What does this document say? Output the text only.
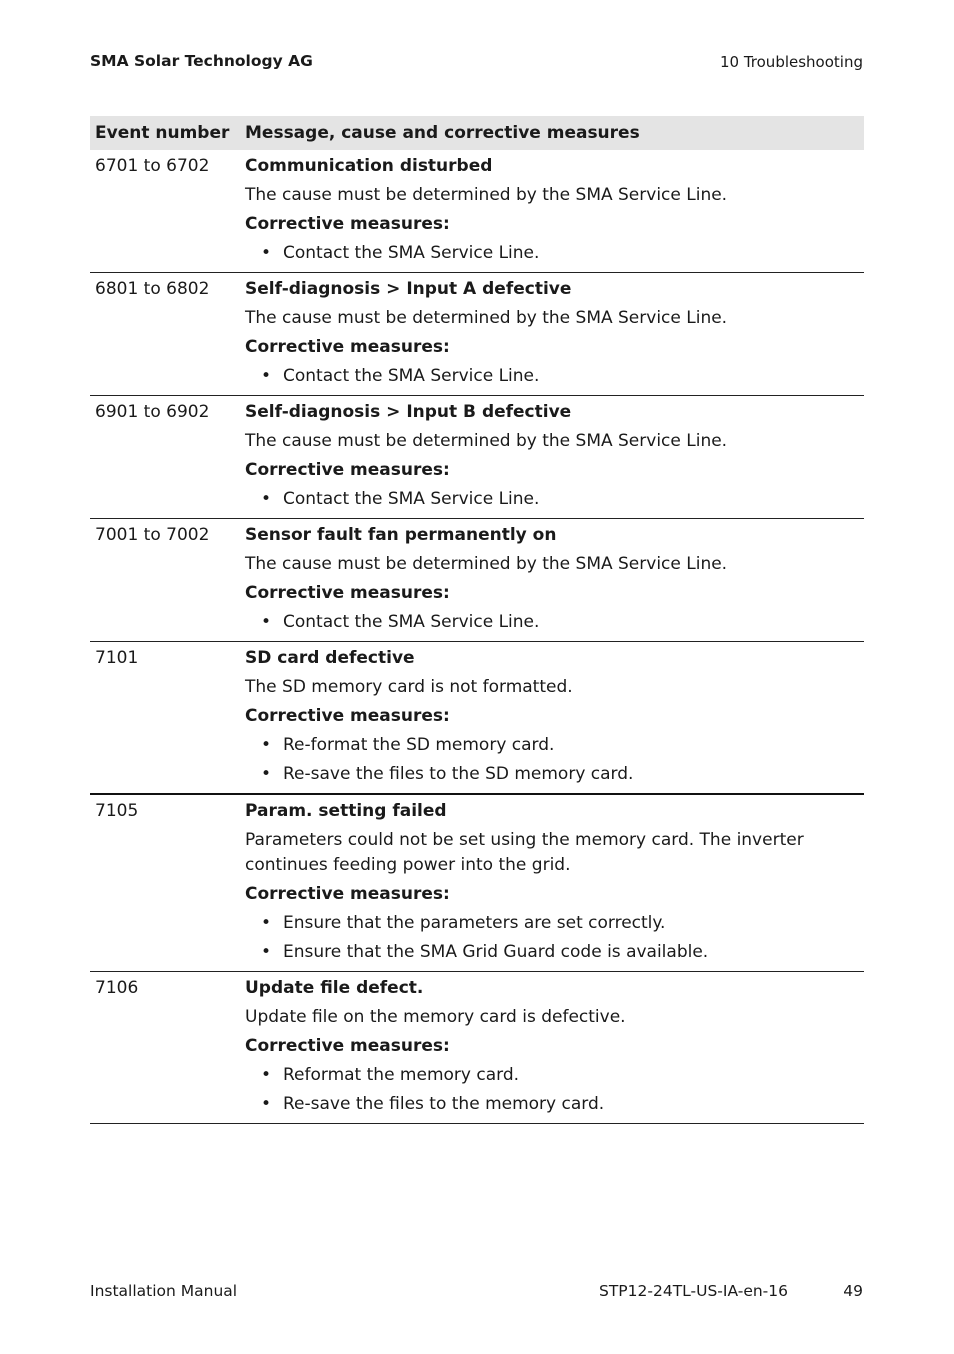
SMA Solar Technology AG	10 Troubleshooting
Event number Message, cause and corrective measures
6701 to 6702	Communication disturbed
The cause must be determined by the SMA Service Line.
Corrective measures:
• Contact the SMA Service Line.
6801 to 6802	Self-diagnosis > Input A defective
The cause must be determined by the SMA Service Line.
Corrective measures:
• Contact the SMA Service Line.
6901 to 6902	Self-diagnosis > Input B defective
The cause must be determined by the SMA Service Line.
Corrective measures:
• Contact the SMA Service Line.
7001 to 7002	Sensor fault fan permanently on
The cause must be determined by the SMA Service Line.
Corrective measures:
• Contact the SMA Service Line.
7101	SD card defective
The SD memory card is not formatted.
Corrective measures:
• Re-format the SD memory card.
• Re-save the files to the SD memory card.
7105	Param. setting failed
Parameters could not be set using the memory card. The inverter continues feeding power into the grid.
Corrective measures:
• Ensure that the parameters are set correctly.
• Ensure that the SMA Grid Guard code is available.
7106	Update file defect.
Update file on the memory card is defective.
Corrective measures:
• Reformat the memory card.
• Re-save the files to the memory card.
Installation Manual	STP12-24TL-US-IA-en-16	49
